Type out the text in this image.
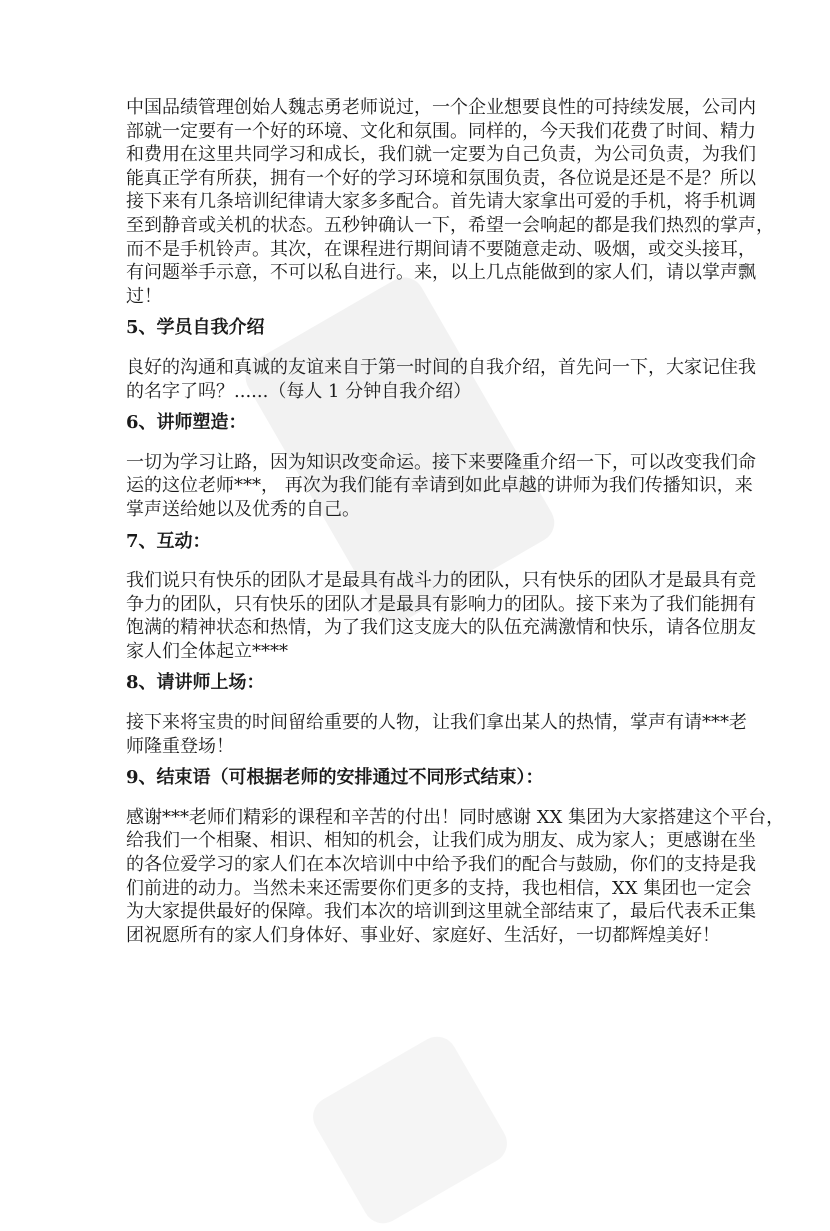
中国品绩管理创始人魏志勇老师说过，一个企业想要良性的可持续发展，公司内
部就一定要有一个好的环境、文化和氛围。同样的，今天我们花费了时间、精力
和费用在这里共同学习和成长，我们就一定要为自己负责，为公司负责，为我们
能真正学有所获，拥有一个好的学习环境和氛围负责，各位说是还是不是？所以
接下来有几条培训纪律请大家多多配合。首先请大家拿出可爱的手机，将手机调
至到静音或关机的状态。五秒钟确认一下，希望一会响起的都是我们热烈的掌声，
而不是手机铃声。其次，在课程进行期间请不要随意走动、吸烟，或交头接耳，
有问题举手示意，不可以私自进行。来，以上几点能做到的家人们，请以掌声飘
过！
5、学员自我介绍
良好的沟通和真诚的友谊来自于第一时间的自我介绍，首先问一下，大家记住我
的名字了吗？......（每人 1 分钟自我介绍）
6、讲师塑造：
一切为学习让路，因为知识改变命运。接下来要隆重介绍一下，可以改变我们命
运的这位老师***， 再次为我们能有幸请到如此卓越的讲师为我们传播知识，来
掌声送给她以及优秀的自己。
7、互动：
我们说只有快乐的团队才是最具有战斗力的团队，只有快乐的团队才是最具有竞
争力的团队，只有快乐的团队才是最具有影响力的团队。接下来为了我们能拥有
饱满的精神状态和热情，为了我们这支庞大的队伍充满激情和快乐，请各位朋友
家人们全体起立****
8、请讲师上场：
接下来将宝贵的时间留给重要的人物，让我们拿出某人的热情，掌声有请***老
师隆重登场！
9、结束语（可根据老师的安排通过不同形式结束）：
感谢***老师们精彩的课程和辛苦的付出！同时感谢 XX 集团为大家搭建这个平台，
给我们一个相聚、相识、相知的机会，让我们成为朋友、成为家人；更感谢在坐
的各位爱学习的家人们在本次培训中中给予我们的配合与鼓励，你们的支持是我
们前进的动力。当然未来还需要你们更多的支持，我也相信，XX 集团也一定会
为大家提供最好的保障。我们本次的培训到这里就全部结束了，最后代表禾正集
团祝愿所有的家人们身体好、事业好、家庭好、生活好，一切都辉煌美好！
